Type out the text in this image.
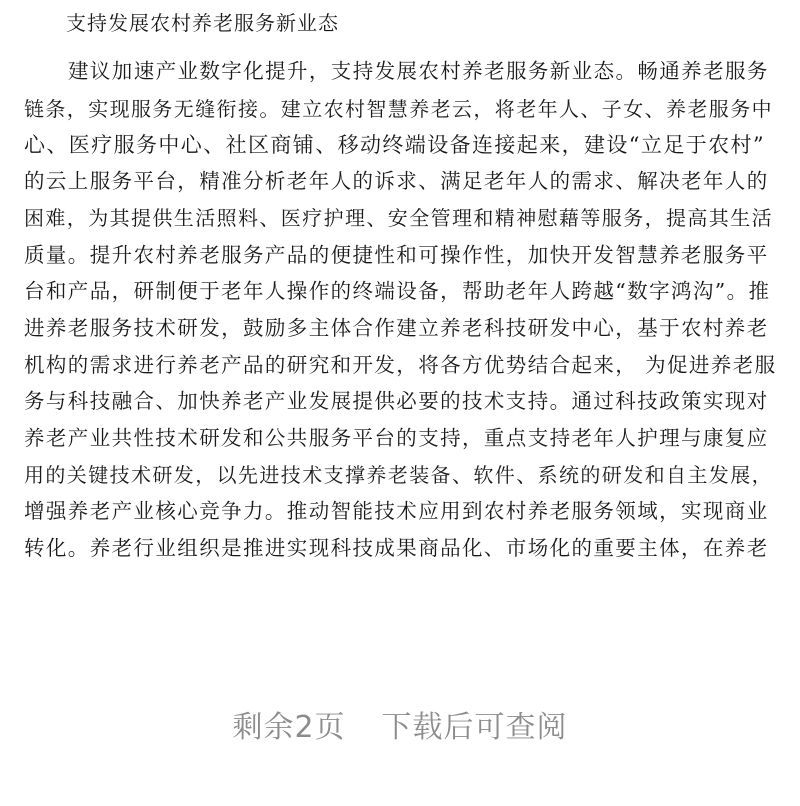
支持发展农村养老服务新业态

建议加速产业数字化提升，支持发展农村养老服务新业态。畅通养老服务

链条，实现服务无缝衔接。建立农村智慧养老云，将老年人、子女、养老服务中

心、医疗服务中心、社区商铺、移动终端设备连接起来，建设“立足于农村”

的云上服务平台，精准分析老年人的诉求、满足老年人的需求、解决老年人的

困难，为其提供生活照料、医疗护理、安全管理和精神慰藉等服务，提高其生活

质量。提升农村养老服务产品的便捷性和可操作性，加快开发智慧养老服务平

台和产品，研制便于老年人操作的终端设备，帮助老年人跨越“数字鸿沟”。推

进养老服务技术研发，鼓励多主体合作建立养老科技研发中心，基于农村养老

机构的需求进行养老产品的研究和开发，将各方优势结合起来， 为促进养老服

务与科技融合、加快养老产业发展提供必要的技术支持。通过科技政策实现对

养老产业共性技术研发和公共服务平台的支持，重点支持老年人护理与康复应

用的关键技术研发，以先进技术支撑养老装备、软件、系统的研发和自主发展，

增强养老产业核心竞争力。推动智能技术应用到农村养老服务领域，实现商业

转化。养老行业组织是推进实现科技成果商品化、市场化的重要主体，在养老

剩余2页 下载后可查阅
